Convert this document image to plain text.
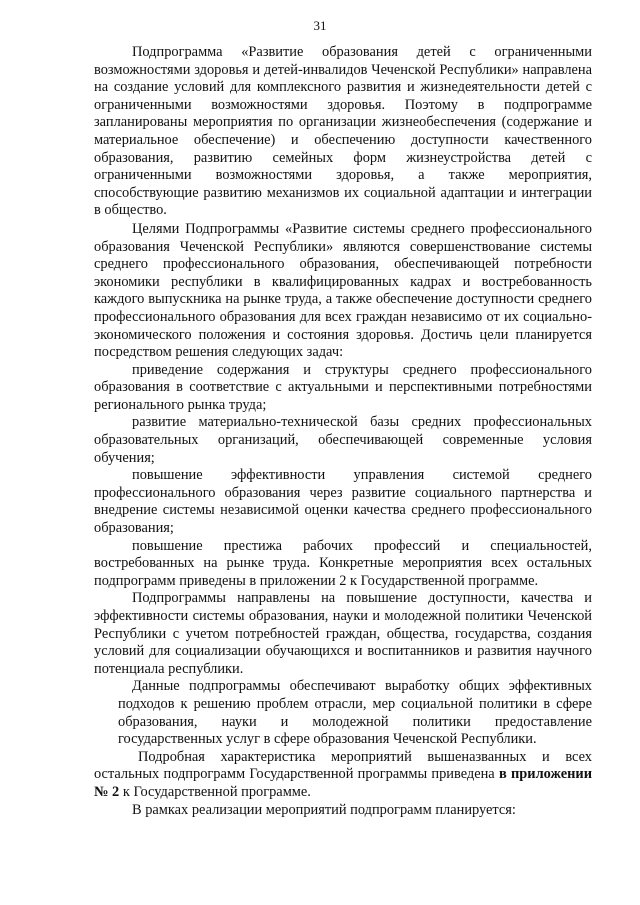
31

Подпрограмма «Развитие образования детей с ограниченными возможностями здоровья и детей-инвалидов Чеченской Республики» направлена на создание условий для комплексного развития и жизнедеятельности детей с ограниченными возможностями здоровья. Поэтому в подпрограмме запланированы мероприятия по организации жизнеобеспечения (содержание и материальное обеспечение) и обеспечению доступности качественного образования, развитию семейных форм жизнеустройства детей с ограниченными возможностями здоровья, а также мероприятия, способствующие развитию механизмов их социальной адаптации и интеграции в общество.

Целями Подпрограммы «Развитие системы среднего профессионального образования Чеченской Республики» являются совершенствование системы среднего профессионального образования, обеспечивающей потребности экономики республики в квалифицированных кадрах и востребованность каждого выпускника на рынке труда, а также обеспечение доступности среднего профессионального образования для всех граждан независимо от их социально-экономического положения и состояния здоровья. Достичь цели планируется посредством решения следующих задач:

приведение содержания и структуры среднего профессионального образования в соответствие с актуальными и перспективными потребностями регионального рынка труда;

развитие материально-технической базы средних профессиональных образовательных организаций, обеспечивающей современные условия обучения;

повышение эффективности управления системой среднего профессионального образования через развитие социального партнерства и внедрение системы независимой оценки качества среднего профессионального образования;

повышение престижа рабочих профессий и специальностей, востребованных на рынке труда. Конкретные мероприятия всех остальных подпрограмм приведены в приложении 2 к Государственной программе.

Подпрограммы направлены на повышение доступности, качества и эффективности системы образования, науки и молодежной политики Чеченской Республики с учетом потребностей граждан, общества, государства, создания условий для социализации обучающихся и воспитанников и развития научного потенциала республики.

Данные подпрограммы обеспечивают выработку общих эффективных подходов к решению проблем отрасли, мер социальной политики в сфере образования, науки и молодежной политики предоставление государственных услуг в сфере образования Чеченской Республики.

Подробная характеристика мероприятий вышеназванных и всех остальных подпрограмм Государственной программы приведена в приложении № 2 к Государственной программе.

В рамках реализации мероприятий подпрограмм планируется:
